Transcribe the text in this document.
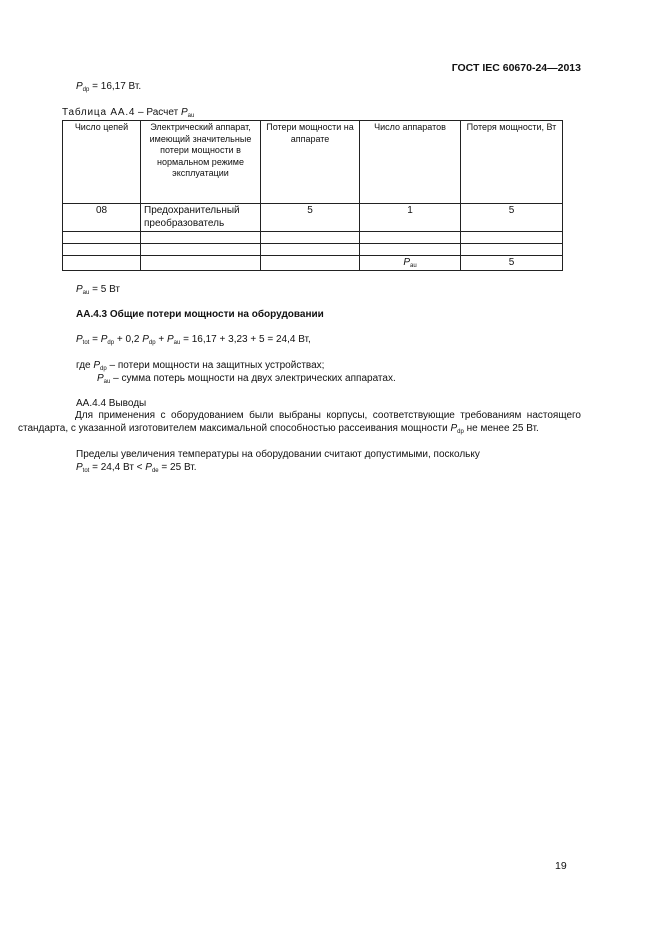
ГОСТ IEC 60670-24—2013
$P_{dp} = 16,17$ Вт.
Таблица АА.4 – Расчет $P_{au}$
Число цепей	Электрический аппарат, имеющий значительные потери мощности в нормальном режиме эксплуатации	Потери мощности на аппарате	Число аппаратов	Потеря мощности, Вт
08	Предохранительный преобразователь	5	1	5

			$P_{au}$	5
$P_{au} = 5$ Вт
АА.4.3 Общие потери мощности на оборудовании
$P_{tot} = P_{dp} + 0,2$ $P_{dp} + P_{au} = 16,17 + 3,23 + 5 = 24,4$ Вт,
где $P_{dp}$ – потери мощности на защитных устройствах;
$P_{au}$ – сумма потерь мощности на двух электрических аппаратах.
АА.4.4 Выводы

Для применения с оборудованием были выбраны корпусы, соответствующие требованиям настоящего стандарта, с указанной изготовителем максимальной способностью рассеивания мощности $P_{dp}$ не менее 25 Вт.

Пределы увеличения температуры на оборудовании считают допустимыми, поскольку
$P_{tot} = 24,4$ Вт < $P_{de} = 25$ Вт.
19
